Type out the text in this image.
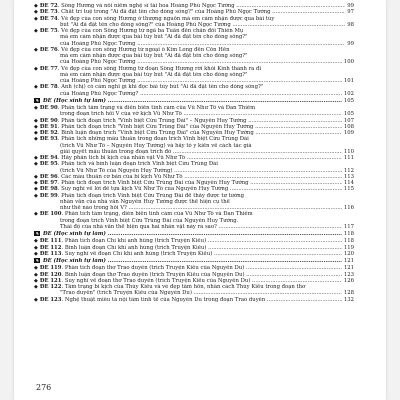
◆ ĐỀ 72. Sông Hương và nỗi niềm nghệ sĩ tài hoa Hoàng Phủ Ngọc Tường .....	99
◆ ĐỀ 73. Chất trí tuệ trong "Ai đã đặt tên cho dòng sông?" của Hoàng Phủ Ngọc Tường .....	97
◆ ĐỀ 74. Vẻ đẹp của con sông Hương ở thượng nguồn mà em cảm nhận được qua bài tùy
bút "Ai đã đặt tên cho dòng sông?" của Hoàng Phủ Ngọc Tường .....	98
◆ ĐỀ 75. Vẻ đẹp của con Sông Hương từ ngã ba Tuần đến chân đồi Thiên Mụ
mà em cảm nhận được qua bài tùy bút "Ai đã đặt tên cho dòng sông?"
của Hoàng Phủ Ngọc Tường .....	99
◆ ĐỀ 76. Vẻ đẹp của con sông Hương từ ngoại ô Kim Long đến Cồn Hến
mà em cảm nhận được qua bài tùy bút "Ai đã đặt tên cho dòng sông?"
của Hoàng Phủ Ngọc Tường .....	100
◆ ĐỀ 77. Vẻ đẹp của con sông Hương từ đoạn Sông Hương rời khỏi Kinh thành ra đi
mà em cảm nhận được qua bài tùy bút "Ai đã đặt tên cho dòng sông?"
của Hoàng Phủ Ngọc Tường .....	101
◆ ĐỀ 78. Anh (chị) có cảm nghĩ gì khi đọc bài tùy bút "Ai đã đặt tên cho dòng sông?"
của Hoàng Phủ Ngọc Tường? .....	102
✎ ĐỀ (Học sinh tự làm) .....	105
◆ ĐỀ 90. Phân tích tâm trạng và diễn biến tình cảm của Vũ Như Tô và Đan Thiềm
trong đoạn trích hồi V của vở kịch Vũ Như Tô .....	105
◆ ĐỀ 90. Phân tích đoạn trích "Vĩnh biệt Cửu Trùng Đài" – Nguyễn Huy Tưởng .....	107
◆ ĐỀ 91. Phân tích đoạn trích "Vĩnh biệt Cửu Trùng Đài" của Nguyễn Huy Tưởng .....	108
◆ ĐỀ 92. Bình luận đoạn trích "Vĩnh biệt Cửu Trùng Đài" của Nguyễn Huy Tưởng .....	109
◆ ĐỀ 93. Phân tích những mâu thuẫn trong đoạn trích Vĩnh biệt Cửu Trùng Đài
(trích Vũ Như Tô – Nguyễn Huy Tưởng) và hãy tỏ ý kiến về cách tác giả
giải quyết mâu thuẫn trong đoạn trích đó .....	110
◆ ĐỀ 94. Hãy phân tích bi kịch của nhân vật Vũ Như Tô .....	111
◆ ĐỀ 95. Phân tích và bình luận đoạn trích Vĩnh biệt Cửu Trùng Đài
(trích Vũ Như Tô của Nguyễn Huy Tưởng) .....	112
◆ ĐỀ 96. Các mâu thuẫn cơ bản của bi kịch Vũ Như Tô .....	113
◆ ĐỀ 97. Phân tích đoạn trích Vĩnh biệt Cửu Trùng Đài của Nguyễn Huy Tưởng .....	114
◆ ĐỀ 98. Suy nghĩ về lời đề tựa kịch Vũ Như Tô của Nguyễn Huy Tưởng .....	115
◆ ĐỀ 99. Phân tích đoạn trích Vĩnh biệt Cửu Trùng Đài để thấy được tư tưởng
nhân văn của nhà văn Nguyễn Huy Tưởng được thể hiện cụ thể
như thế nào trong hồi V? .....	116
◆ ĐỀ 100. Phân tích tâm trạng, diễn biến tình cảm của Vũ Như Tô và Đan Thiềm
trong đoạn trích Vĩnh biệt Cửu Trùng Đài của Nguyễn Huy Tưởng.
Thái độ của nhà văn thể hiện qua hai nhân vật này ra sao? .....	117
✎ ĐỀ (Học sinh tự làm) .....	118
◆ ĐỀ 111. Phân tích đoạn Chí khí anh hùng (trích Truyện Kiều) .....	118
◆ ĐỀ 112. Bình luận đoạn Chí khí anh hùng (trích Truyện Kiều) .....	119
◆ ĐỀ 113. Suy nghĩ về đoạn Chí khí anh hùng (trích Truyện Kiều) .....	120
✎ ĐỀ (Học sinh tự làm) .....	121
◆ ĐỀ 119. Phân tích đoạn thơ Trao duyên (trích Truyện Kiều của Nguyễn Du) .....	121
◆ ĐỀ 120. Bình luận đoạn thơ Trao duyên (trích Truyện Kiều của Nguyễn Du) .....	123
◆ ĐỀ 121. Suy nghĩ về đoạn thơ Trao duyên (trích Truyện Kiều của Nguyễn Du) .....	126
◆ ĐỀ 122. Tâm trạng bi kịch của Thúy Kiều và vẻ đẹp tâm hồn, nhân cách Thúy Kiều trong đoạn thơ
"Trao duyên" (trích Truyện Kiều của Nguyễn Du) .....	128
◆ ĐỀ 123. Nghệ thuật miêu tả nội tâm tinh tế của Nguyễn Du trong đoạn Trao duyên .....	132
276
